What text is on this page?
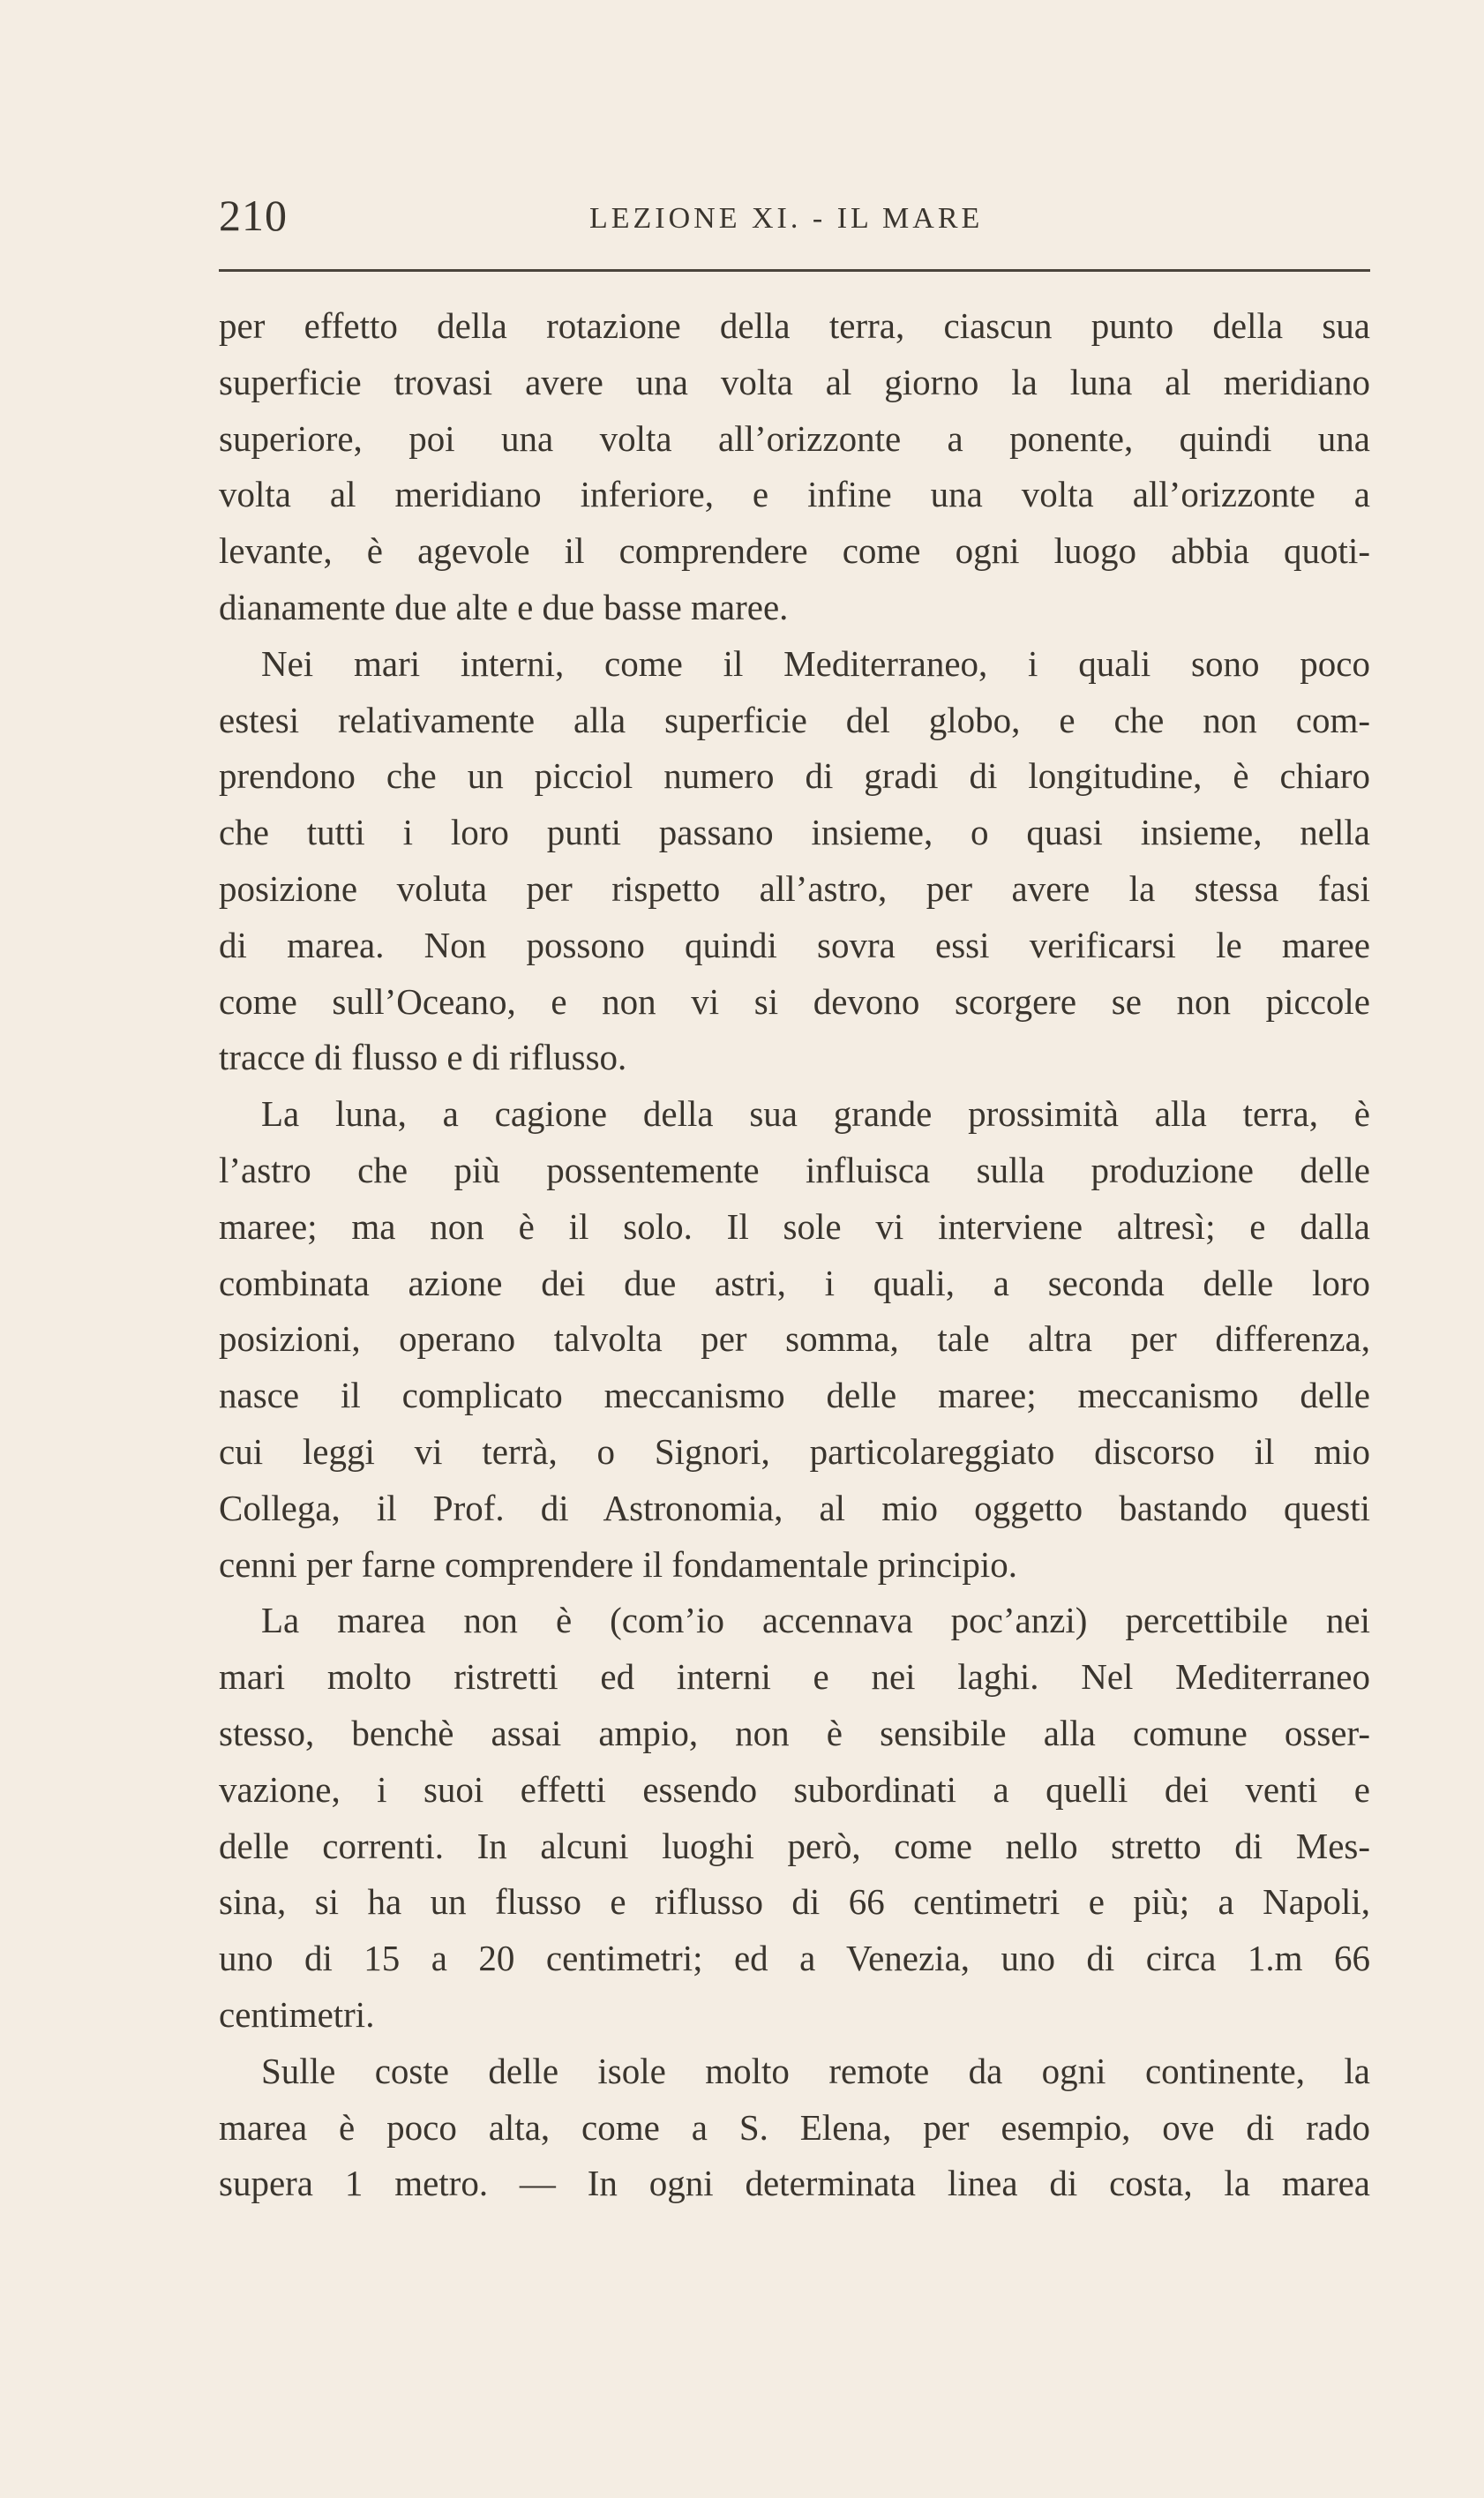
210	LEZIONE XI. - IL MARE
per effetto della rotazione della terra, ciascun punto della sua
superficie trovasi avere una volta al giorno la luna al meridiano
superiore, poi una volta all’orizzonte a ponente, quindi una
volta al meridiano inferiore, e infine una volta all’orizzonte a
levante, è agevole il comprendere come ogni luogo abbia quoti-
dianamente due alte e due basse maree.
Nei mari interni, come il Mediterraneo, i quali sono poco
estesi relativamente alla superficie del globo, e che non com-
prendono che un picciol numero di gradi di longitudine, è chiaro
che tutti i loro punti passano insieme, o quasi insieme, nella
posizione voluta per rispetto all’astro, per avere la stessa fasi
di marea. Non possono quindi sovra essi verificarsi le maree
come sull’Oceano, e non vi si devono scorgere se non piccole
tracce di flusso e di riflusso.
La luna, a cagione della sua grande prossimità alla terra, è
l’astro che più possentemente influisca sulla produzione delle
maree; ma non è il solo. Il sole vi interviene altresì; e dalla
combinata azione dei due astri, i quali, a seconda delle loro
posizioni, operano talvolta per somma, tale altra per differenza,
nasce il complicato meccanismo delle maree; meccanismo delle
cui leggi vi terrà, o Signori, particolareggiato discorso il mio
Collega, il Prof. di Astronomia, al mio oggetto bastando questi
cenni per farne comprendere il fondamentale principio.
La marea non è (com’io accennava poc’anzi) percettibile nei
mari molto ristretti ed interni e nei laghi. Nel Mediterraneo
stesso, benchè assai ampio, non è sensibile alla comune osser-
vazione, i suoi effetti essendo subordinati a quelli dei venti e
delle correnti. In alcuni luoghi però, come nello stretto di Mes-
sina, si ha un flusso e riflusso di 66 centimetri e più; a Napoli,
uno di 15 a 20 centimetri; ed a Venezia, uno di circa 1.m 66
centimetri.
Sulle coste delle isole molto remote da ogni continente, la
marea è poco alta, come a S. Elena, per esempio, ove di rado
supera 1 metro. — In ogni determinata linea di costa, la marea
